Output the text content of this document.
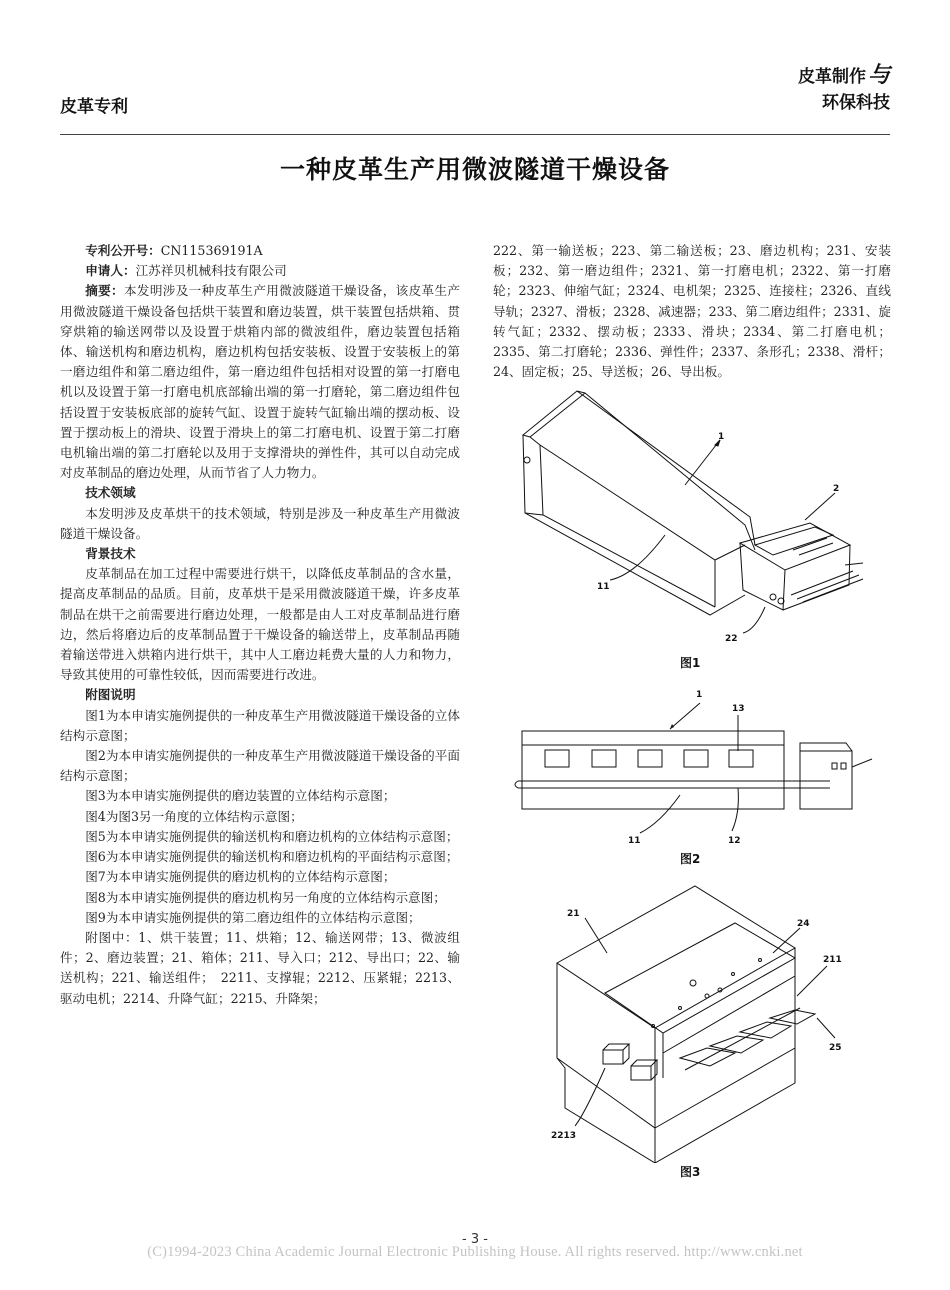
皮革专利
皮革制作与
环保科技
一种皮革生产用微波隧道干燥设备

专利公开号：CN115369191A

申请人：江苏祥贝机械科技有限公司

摘要：本发明涉及一种皮革生产用微波隧道干燥设备，该皮革生产用微波隧道干燥设备包括烘干装置和磨边装置，烘干装置包括烘箱、贯穿烘箱的输送网带以及设置于烘箱内部的微波组件，磨边装置包括箱体、输送机构和磨边机构，磨边机构包括安装板、设置于安装板上的第一磨边组件和第二磨边组件，第一磨边组件包括相对设置的第一打磨电机以及设置于第一打磨电机底部输出端的第一打磨轮，第二磨边组件包括设置于安装板底部的旋转气缸、设置于旋转气缸输出端的摆动板、设置于摆动板上的滑块、设置于滑块上的第二打磨电机、设置于第二打磨电机输出端的第二打磨轮以及用于支撑滑块的弹性件，其可以自动完成对皮革制品的磨边处理，从而节省了人力物力。

技术领域

本发明涉及皮革烘干的技术领域，特别是涉及一种皮革生产用微波隧道干燥设备。

背景技术

皮革制品在加工过程中需要进行烘干，以降低皮革制品的含水量，提高皮革制品的品质。目前，皮革烘干是采用微波隧道干燥，许多皮革制品在烘干之前需要进行磨边处理，一般都是由人工对皮革制品进行磨边，然后将磨边后的皮革制品置于干燥设备的输送带上，皮革制品再随着输送带进入烘箱内进行烘干，其中人工磨边耗费大量的人力和物力，导致其使用的可靠性较低，因而需要进行改进。

附图说明

图1为本申请实施例提供的一种皮革生产用微波隧道干燥设备的立体结构示意图；

图2为本申请实施例提供的一种皮革生产用微波隧道干燥设备的平面结构示意图；

图3为本申请实施例提供的磨边装置的立体结构示意图；

图4为图3另一角度的立体结构示意图；

图5为本申请实施例提供的输送机构和磨边机构的立体结构示意图；

图6为本申请实施例提供的输送机构和磨边机构的平面结构示意图；

图7为本申请实施例提供的磨边机构的立体结构示意图；

图8为本申请实施例提供的磨边机构另一角度的立体结构示意图；

图9为本申请实施例提供的第二磨边组件的立体结构示意图；

附图中：1、烘干装置；11、烘箱；12、输送网带；13、微波组件；2、磨边装置；21、箱体；211、导入口；212、导出口；22、输送机构；221、输送组件；　2211、支撑辊；2212、压紧辊；2213、驱动电机；2214、升降气缸；2215、升降架；

222、第一输送板；223、第二输送板；23、磨边机构；231、安装板；232、第一磨边组件；2321、第一打磨电机；2322、第一打磨轮；2323、伸缩气缸；2324、电机架；2325、连接柱；2326、直线导轨；2327、滑板；2328、减速器；233、第二磨边组件；2331、旋转气缸；2332、摆动板；2333、滑块；2334、第二打磨电机；2335、第二打磨轮；2336、弹性件；2337、条形孔；2338、滑杆；24、固定板；25、导送板；26、导出板。
1
2
11
22
图1
1
13
11	12
图2
21
24
211
25
2213
图3
- 3 -
(C)1994-2023 China Academic Journal Electronic Publishing House. All rights reserved. http://www.cnki.net
